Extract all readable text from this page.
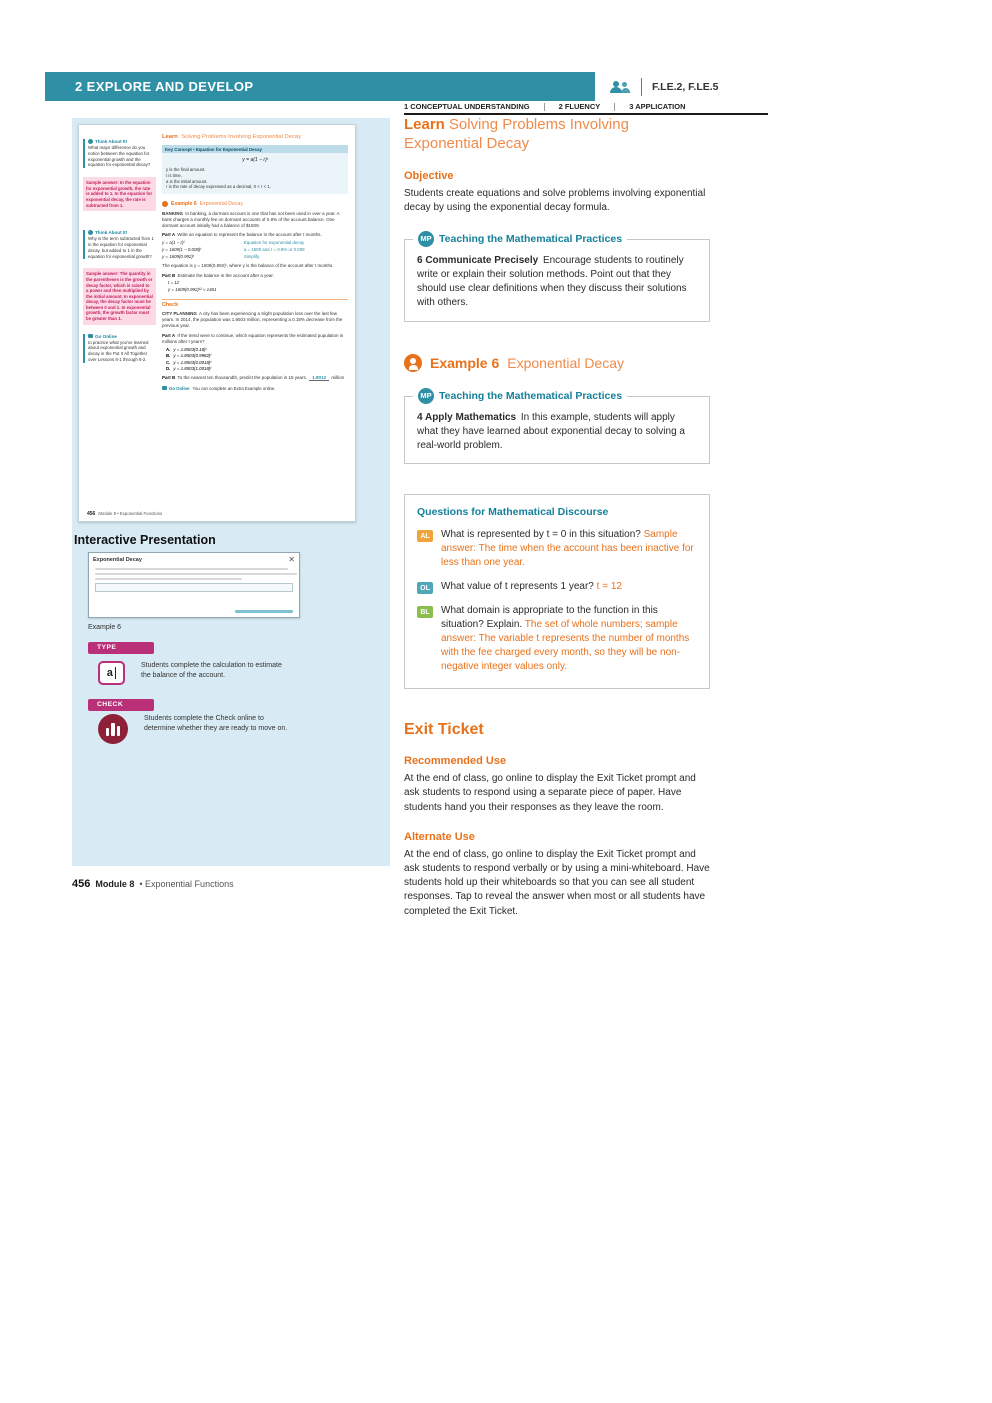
2 EXPLORE AND DEVELOP	F.LE.2, F.LE.5
1 CONCEPTUAL UNDERSTANDING	2 FLUENCY	3 APPLICATION
Think About It!
What major difference do you notice between the equation for exponential growth and the equation for exponential decay?
Sample answer: In the equation for exponential growth, the rate is added to 1. In the equation for exponential decay, the rate is subtracted from 1.
Think About It!
Why is the term subtracted from 1 in the equation for exponential decay, but added to 1 in the equation for exponential growth?
Sample answer: The quantity in the parentheses is the growth or decay factor, which is raised to a power and then multiplied by the initial amount. In exponential decay, the decay factor must be between 0 and 1. In exponential growth, the growth factor must be greater than 1.
Go Online
to practice what you've learned about exponential growth and decay in the Put It All Together over Lessons 8-1 through 8-2.
Learn Solving Problems Involving Exponential Decay
Key Concept • Equation for Exponential Decay
y = a(1 − r)ᵗ
y is the final amount.
t is time.
a is the initial amount.
r is the rate of decay expressed as a decimal, 0 < r < 1.
Example 6 Exponential Decay

BANKING In banking, a dormant account is one that has not been used in over a year. A bank charges a monthly fee on dormant accounts of 0.8% of the account balance. One dormant account initially had a balance of $1609.

Part A Write an equation to represent the balance in the account after t months.

y = a(1 − r)ᵗ	Equation for exponential decay
y = 1609(1 − 0.008)ᵗ	a = 1609 and r = 0.8% or 0.008
y = 1609(0.992)ᵗ	Simplify.

The equation is y = 1609(0.992)ᵗ, where y is the balance of the account after t months.

Part B Estimate the balance in the account after a year.

t = 12
y = 1609(0.992)¹² ≈ 1461
Check

CITY PLANNING A city has been experiencing a slight population loss over the last few years. In 2014, the population was 1.8503 million, representing a 0.18% decrease from the previous year.

Part A If the trend were to continue, which equation represents the estimated population in millions after t years?

A. y = 1.8503(0.18)ᵗ
B. y = 1.8503(0.9982)ᵗ
C. y = 1.8503(0.0018)ᵗ
D. y = 1.8503(1.0018)ᵗ

Part B To the nearest ten thousandth, predict the population in 15 years. 1.8012 million

Go Online You can complete an Extra Example online.
456 Module 8 • Exponential Functions
Interactive Presentation
Exponential Decay	✕
Example 6
TYPE
a
Students complete the calculation to estimate the balance of the account.
CHECK
Students complete the Check online to determine whether they are ready to move on.
456 Module 8 • Exponential Functions
Learn Solving Problems Involving Exponential Decay
Objective

Students create equations and solve problems involving exponential decay by using the exponential decay formula.

MP Teaching the Mathematical Practices

6 Communicate Precisely Encourage students to routinely write or explain their solution methods. Point out that they should use clear definitions when they discuss their solutions with others.

Example 6 Exponential Decay
MP Teaching the Mathematical Practices

4 Apply Mathematics In this example, students will apply what they have learned about exponential decay to solving a real-world problem.

Questions for Mathematical Discourse
AL	What is represented by t = 0 in this situation? Sample answer: The time when the account has been inactive for less than one year.

OL	What value of t represents 1 year? t = 12

BL	What domain is appropriate to the function in this situation? Explain. The set of whole numbers; sample answer: The variable t represents the number of months with the fee charged every month, so they will be non-negative integer values only.

Exit Ticket
Recommended Use

At the end of class, go online to display the Exit Ticket prompt and ask students to respond using a separate piece of paper. Have students hand you their responses as they leave the room.

Alternate Use

At the end of class, go online to display the Exit Ticket prompt and ask students to respond verbally or by using a mini-whiteboard. Have students hold up their whiteboards so that you can see all student responses. Tap to reveal the answer when most or all students have completed the Exit Ticket.
